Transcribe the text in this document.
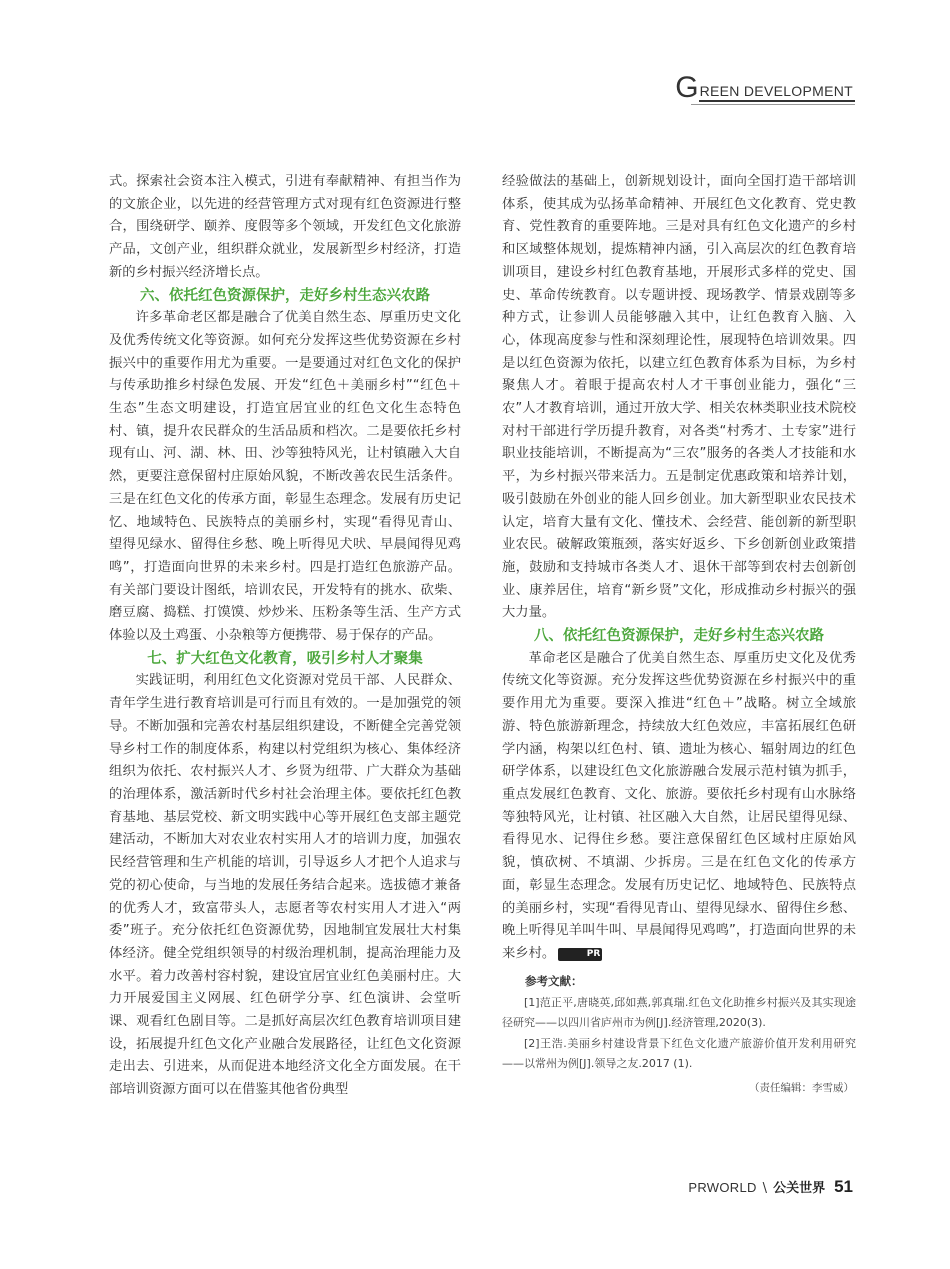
G REEN DEVELOPMENT

式。探索社会资本注入模式，引进有奉献精神、有担当作为的文旅企业，以先进的经营管理方式对现有红色资源进行整合，围绕研学、颐养、度假等多个领域，开发红色文化旅游产品，文创产业，组织群众就业，发展新型乡村经济，打造新的乡村振兴经济增长点。

六、依托红色资源保护，走好乡村生态兴农路

许多革命老区都是融合了优美自然生态、厚重历史文化及优秀传统文化等资源。如何充分发挥这些优势资源在乡村振兴中的重要作用尤为重要。一是要通过对红色文化的保护与传承助推乡村绿色发展、开发“红色＋美丽乡村”“红色＋生态”生态文明建设，打造宜居宜业的红色文化生态特色村、镇，提升农民群众的生活品质和档次。二是要依托乡村现有山、河、湖、林、田、沙等独特风光，让村镇融入大自然，更要注意保留村庄原始风貌，不断改善农民生活条件。三是在红色文化的传承方面，彰显生态理念。发展有历史记忆、地域特色、民族特点的美丽乡村，实现“看得见青山、望得见绿水、留得住乡愁、晚上听得见犬吠、早晨闻得见鸡鸣”，打造面向世界的未来乡村。四是打造红色旅游产品。有关部门要设计图纸，培训农民，开发特有的挑水、砍柴、磨豆腐、捣糕、打馍馍、炒炒米、压粉条等生活、生产方式体验以及土鸡蛋、小杂粮等方便携带、易于保存的产品。

七、扩大红色文化教育，吸引乡村人才聚集

实践证明，利用红色文化资源对党员干部、人民群众、青年学生进行教育培训是可行而且有效的。一是加强党的领导。不断加强和完善农村基层组织建设，不断健全完善党领导乡村工作的制度体系，构建以村党组织为核心、集体经济组织为依托、农村振兴人才、乡贤为纽带、广大群众为基础的治理体系，激活新时代乡村社会治理主体。要依托红色教育基地、基层党校、新文明实践中心等开展红色支部主题党建活动，不断加大对农业农村实用人才的培训力度，加强农民经营管理和生产机能的培训，引导返乡人才把个人追求与党的初心使命，与当地的发展任务结合起来。选拔德才兼备的优秀人才，致富带头人，志愿者等农村实用人才进入“两委”班子。充分依托红色资源优势，因地制宜发展壮大村集体经济。健全党组织领导的村级治理机制，提高治理能力及水平。着力改善村容村貌，建设宜居宜业红色美丽村庄。大力开展爱国主义网展、红色研学分享、红色演讲、会堂听课、观看红色剧目等。二是抓好高层次红色教育培训项目建设，拓展提升红色文化产业融合发展路径，让红色文化资源走出去、引进来，从而促进本地经济文化全方面发展。在干部培训资源方面可以在借鉴其他省份典型

经验做法的基础上，创新规划设计，面向全国打造干部培训体系，使其成为弘扬革命精神、开展红色文化教育、党史教育、党性教育的重要阵地。三是对具有红色文化遗产的乡村和区域整体规划，提炼精神内涵，引入高层次的红色教育培训项目，建设乡村红色教育基地，开展形式多样的党史、国史、革命传统教育。以专题讲授、现场教学、情景戏剧等多种方式，让参训人员能够融入其中，让红色教育入脑、入心，体现高度参与性和深刻理论性，展现特色培训效果。四是以红色资源为依托，以建立红色教育体系为目标，为乡村聚焦人才。着眼于提高农村人才干事创业能力，强化“三农”人才教育培训，通过开放大学、相关农林类职业技术院校对村干部进行学历提升教育，对各类“村秀才、土专家”进行职业技能培训，不断提高为“三农”服务的各类人才技能和水平，为乡村振兴带来活力。五是制定优惠政策和培养计划，吸引鼓励在外创业的能人回乡创业。加大新型职业农民技术认定，培育大量有文化、懂技术、会经营、能创新的新型职业农民。破解政策瓶颈，落实好返乡、下乡创新创业政策措施，鼓励和支持城市各类人才、退休干部等到农村去创新创业、康养居住，培育“新乡贤”文化，形成推动乡村振兴的强大力量。

八、依托红色资源保护，走好乡村生态兴农路

革命老区是融合了优美自然生态、厚重历史文化及优秀传统文化等资源。充分发挥这些优势资源在乡村振兴中的重要作用尤为重要。要深入推进“红色＋”战略。树立全域旅游、特色旅游新理念，持续放大红色效应，丰富拓展红色研学内涵，构架以红色村、镇、遗址为核心、辐射周边的红色研学体系，以建设红色文化旅游融合发展示范村镇为抓手，重点发展红色教育、文化、旅游。要依托乡村现有山水脉络等独特风光，让村镇、社区融入大自然，让居民望得见绿、看得见水、记得住乡愁。要注意保留红色区域村庄原始风貌，慎砍树、不填湖、少拆房。三是在红色文化的传承方面，彰显生态理念。发展有历史记忆、地域特色、民族特点的美丽乡村，实现“看得见青山、望得见绿水、留得住乡愁、晚上听得见羊叫牛叫、早晨闻得见鸡鸣”，打造面向世界的未来乡村。	PR

参考文献：

[1]范正平,唐晓英,邱如燕,郭真瑞.红色文化助推乡村振兴及其实现途径研究——以四川省庐州市为例[J].经济管理,2020(3).

[2]王浩.美丽乡村建设背景下红色文化遗产旅游价值开发利用研究——以常州为例[J].领导之友.2017 (1).

（责任编辑：李雪威）
PRWORLD \ 公关世界 51
